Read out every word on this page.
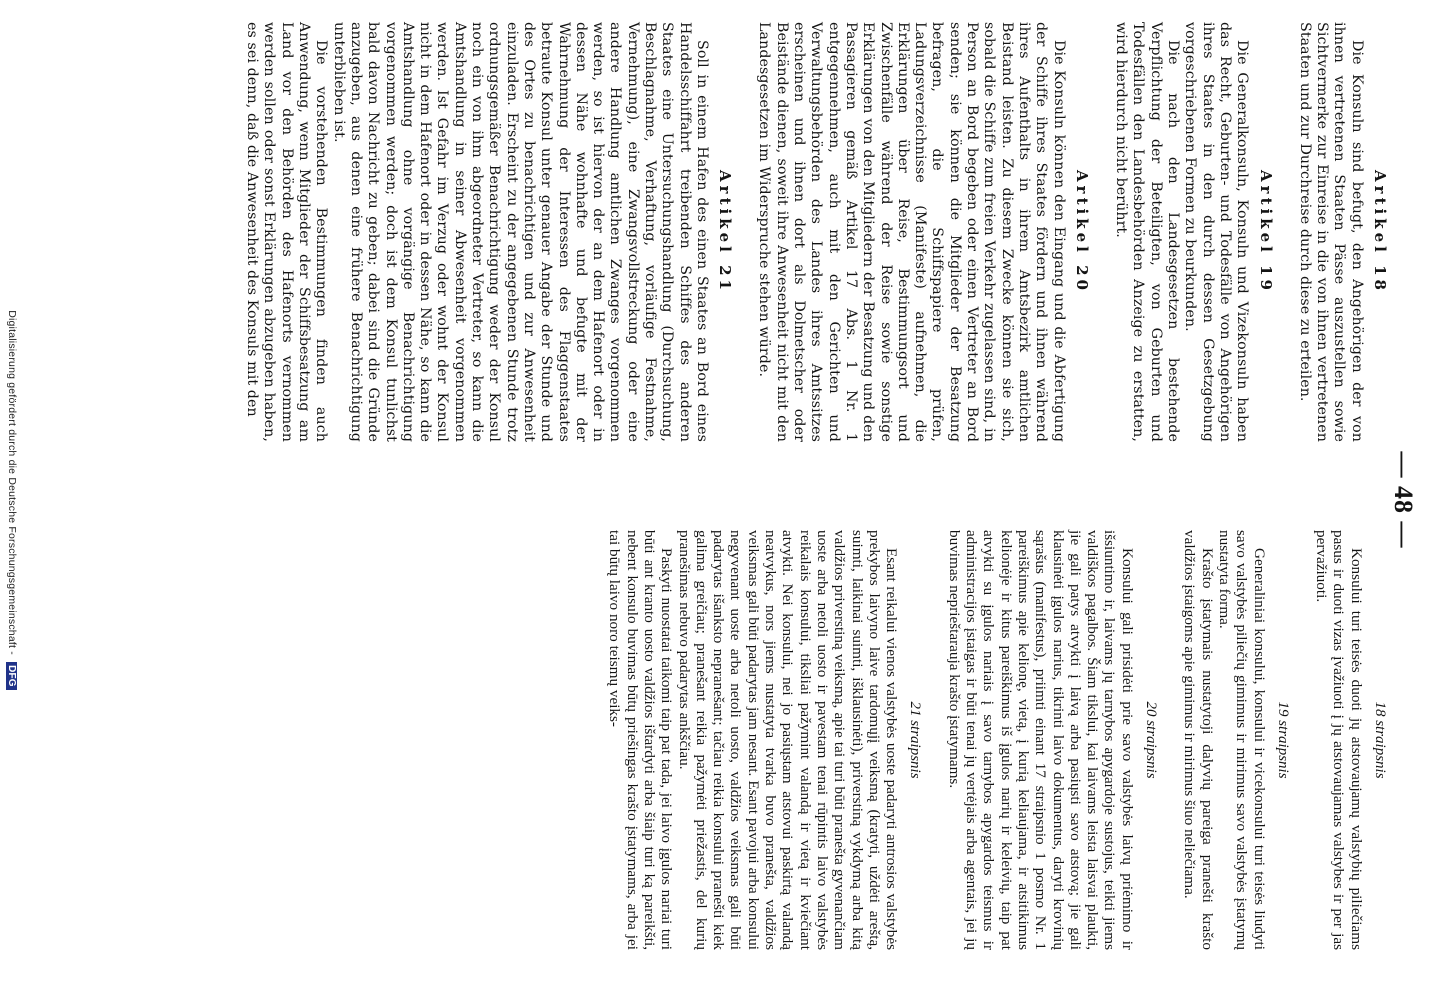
— 48 —

Artikel 18

Die Konsuln sind befugt, den Angehörigen der von ihnen vertretenen Staaten Pässe auszustellen sowie Sichtvermerke zur Einreise in die von ihnen vertretenen Staaten und zur Durchreise durch diese zu erteilen.

Artikel 19

Die Generalkonsuln, Konsuln und Vizekonsuln haben das Recht, Geburten- und Todesfälle von Angehörigen ihres Staates in den durch dessen Gesetzgebung vorgeschriebenen Formen zu beurkunden.

Die nach den Landesgesetzen bestehende Verpflichtung der Beteiligten, von Geburten und Todesfällen den Landesbehörden Anzeige zu erstatten, wird hierdurch nicht berührt.

Artikel 20

Die Konsuln können den Eingang und die Abfertigung der Schiffe ihres Staates fördern und ihnen während ihres Aufenthalts in ihrem Amtsbezirk amtlichen Beistand leisten. Zu diesem Zwecke können sie sich, sobald die Schiffe zum freien Verkehr zugelassen sind, in Person an Bord begeben oder einen Vertreter an Bord senden; sie können die Mitglieder der Besatzung befragen, die Schiffspapiere prüfen, Ladungsverzeichnisse (Manifeste) aufnehmen, die Erklärungen über Reise, Bestimmungsort und Zwischenfälle während der Reise sowie sonstige Erklärungen von den Mitgliedern der Besatzung und den Passagieren gemäß Artikel 17 Abs. 1 Nr. 1 entgegennehmen, auch mit den Gerichten und Verwaltungsbehörden des Landes ihres Amtssitzes erscheinen und ihnen dort als Dolmetscher oder Beistände dienen, soweit ihre Anwesenheit nicht mit den Landesgesetzen im Widerspruche stehen würde.

Artikel 21

Soll in einem Hafen des einen Staates an Bord eines Handelsschiffahrt treibenden Schiffes des anderen Staates eine Untersuchungshandlung (Durchsuchung, Beschlagnahme, Verhaftung, vorläufige Festnahme, Vernehmung), eine Zwangsvollstreckung oder eine andere Handlung amtlichen Zwanges vorgenommen werden, so ist hiervon der an dem Hafenort oder in dessen Nähe wohnhafte und befugte mit der Wahrnehmung der Interessen des Flaggenstaates betraute Konsul unter genauer Angabe der Stunde und des Ortes zu benachrichtigen und zur Anwesenheit einzuladen. Erscheint zu der angegebenen Stunde trotz ordnungsgemäßer Benachrichtigung weder der Konsul noch ein von ihm abgeordneter Vertreter, so kann die Amtshandlung in seiner Abwesenheit vorgenommen werden. Ist Gefahr im Verzug oder wohnt der Konsul nicht in dem Hafenort oder in dessen Nähe, so kann die Amtshandlung ohne vorgängige Benachrichtigung vorgenommen werden; doch ist dem Konsul tunlichst bald davon Nachricht zu geben; dabei sind die Gründe anzugeben, aus denen eine frühere Benachrichtigung unterblieben ist.

Die vorstehenden Bestimmungen finden auch Anwendung, wenn Mitglieder der Schiffsbesatzung am Land vor den Behörden des Hafenorts vernommen werden sollen oder sonst Erklärungen abzugeben haben, es sei denn, daß die Anwesenheit des Konsuls mit den

18 straipsnis

Konsului turi teisės duoti jų atstovaujamų valstybių piliečiams pasus ir duoti vizas įvažiuoti į jų atstovaujamas valstybes ir per jas pervažiuoti.

19 straipsnis

Generaliniai konsului, konsului ir vicekonsului turi teisės liudyti savo valstybės piliečių gimimus ir mirimus savo valstybės įstatymų nustatyta forma.

Krašto įstatymais nustatytoji dalyvių pareiga pranešti krašto valdžios įstaigoms apie gimimus ir mirimus šiuo neliečiama.

20 straipsnis

Konsului gali prisidėti prie savo valstybės laivų priėmimo ir išsiuntimo ir, laivams jų tarnybos apygardoje sustojus, teikti jiems valdiškos pagalbos. Šiam tikslui, kai laivams leista laisvai plaukti, jie gali patys atvykti į laivą arba pasiųsti savo atstovą; jie gali klausinėti įgulos narius, tikrinti laivo dokumentus, daryti krovinių sąrašus (manifestus), priimti einant 17 straipsnio 1 posmo Nr. 1 pareiškimus apie kelionę, vietą, į kurią keliaujama, ir atsitikimus kelionėje ir kitus pareiškimus iš įgulos narių ir keleivių, taip pat atvykti su įgulos nariais į savo tarnybos apygardos teismus ir administracijos įstaigas ir būti tenai jų vertėjais arba agentais, jei jų buvimas neprieštarauja krašto įstatymams.

21 straipsnis

Esant reikalui vienos valstybės uoste padaryti antrosios valstybės prekybos laivyno laive tardomųjį veiksmą (kratyti, uždėti areštą, suimti, laikinai suimti, išklausinėti), priverstiną vykdymą arba kitą valdžios priverstiną veiksmą, apie tai turi būti pranešta gyvenančiam uoste arba netoli uosto ir pavestam tenai rūpintis laivo valstybės reikalais konsului, tiksliai pažymint valandą ir vietą ir kviečiant atvykti. Nei konsului, nei jo pasiųstam atstovui paskirtą valandą neatvykus, nors jiems nustatyta tvarka buvo pranešta, valdžios veiksmas gali būti padarytas jam nesant. Esant pavojui arba konsului negyvenant uoste arba netoli uosto, valdžios veiksmas gali būti padarytas išanksto nepranešant; tačiau reikia konsului pranešti kiek galima greičiau; pranešant reikia pažymėti priežastis, del kurių pranešimas nebuvo padarytas ankščiau.

Paskyti nuostatai taikomi taip pat tada, jei laivo įgulos nariai turi būti ant kranto uosto valdžios ištardyti arba šiaip turi ką pareikšti, nebent konsulo buvimas būtų priešingas krašto įstatymams, arba jei tai būtų laivo noro teismų veiks-

Digitalisierung gefördert durch die Deutsche Forschungsgemeinschaft - DFG
